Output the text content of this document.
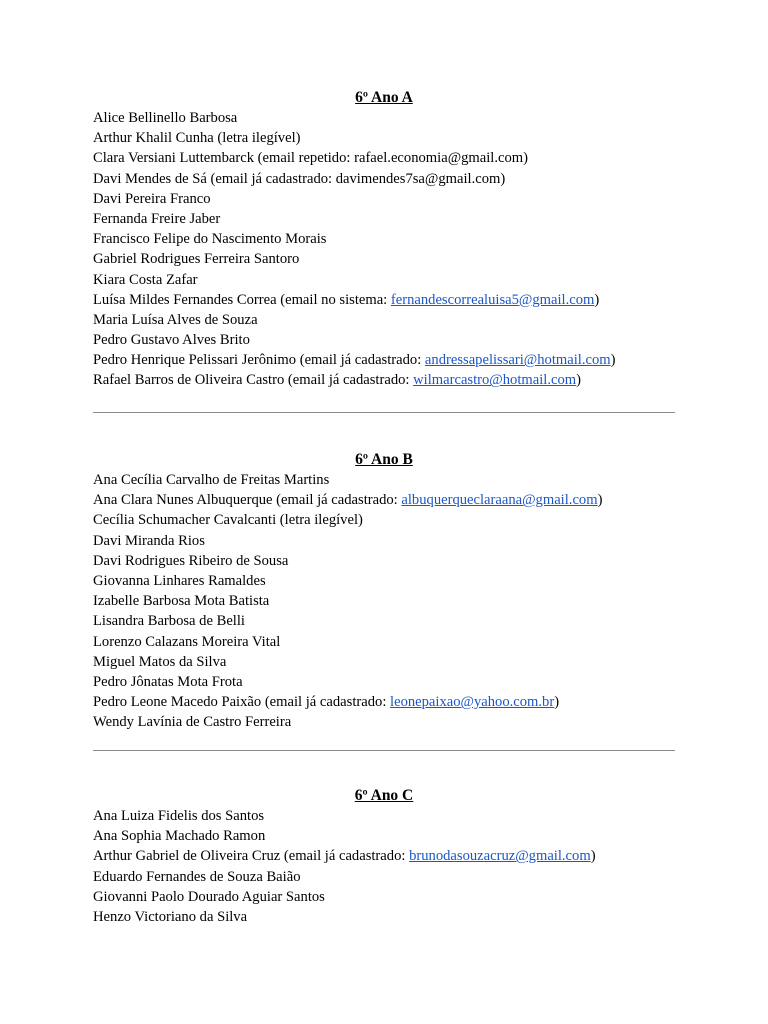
6º Ano A
Alice Bellinello Barbosa
Arthur Khalil Cunha (letra ilegível)
Clara Versiani Luttembarck (email repetido: rafael.economia@gmail.com)
Davi Mendes de Sá (email já cadastrado: davimendes7sa@gmail.com)
Davi Pereira Franco
Fernanda Freire Jaber
Francisco Felipe do Nascimento Morais
Gabriel Rodrigues Ferreira Santoro
Kiara Costa Zafar
Luísa Mildes Fernandes Correa (email no sistema: fernandescorrealuisa5@gmail.com)
Maria Luísa Alves de Souza
Pedro Gustavo Alves Brito
Pedro Henrique Pelissari Jerônimo (email já cadastrado: andressapelissari@hotmail.com)
Rafael Barros de Oliveira Castro (email já cadastrado: wilmarcastro@hotmail.com)
6º Ano B
Ana Cecília Carvalho de Freitas Martins
Ana Clara Nunes Albuquerque (email já cadastrado: albuquerqueclaraana@gmail.com)
Cecília Schumacher Cavalcanti (letra ilegível)
Davi Miranda Rios
Davi Rodrigues Ribeiro de Sousa
Giovanna Linhares Ramaldes
Izabelle Barbosa Mota Batista
Lisandra Barbosa de Belli
Lorenzo Calazans Moreira Vital
Miguel Matos da Silva
Pedro Jônatas Mota Frota
Pedro Leone Macedo Paixão (email já cadastrado: leonepaixao@yahoo.com.br)
Wendy Lavínia de Castro Ferreira
6º Ano C
Ana Luiza Fidelis dos Santos
Ana Sophia Machado Ramon
Arthur Gabriel de Oliveira Cruz (email já cadastrado: brunodasouzacruz@gmail.com)
Eduardo Fernandes de Souza Baião
Giovanni Paolo Dourado Aguiar Santos
Henzo Victoriano da Silva
